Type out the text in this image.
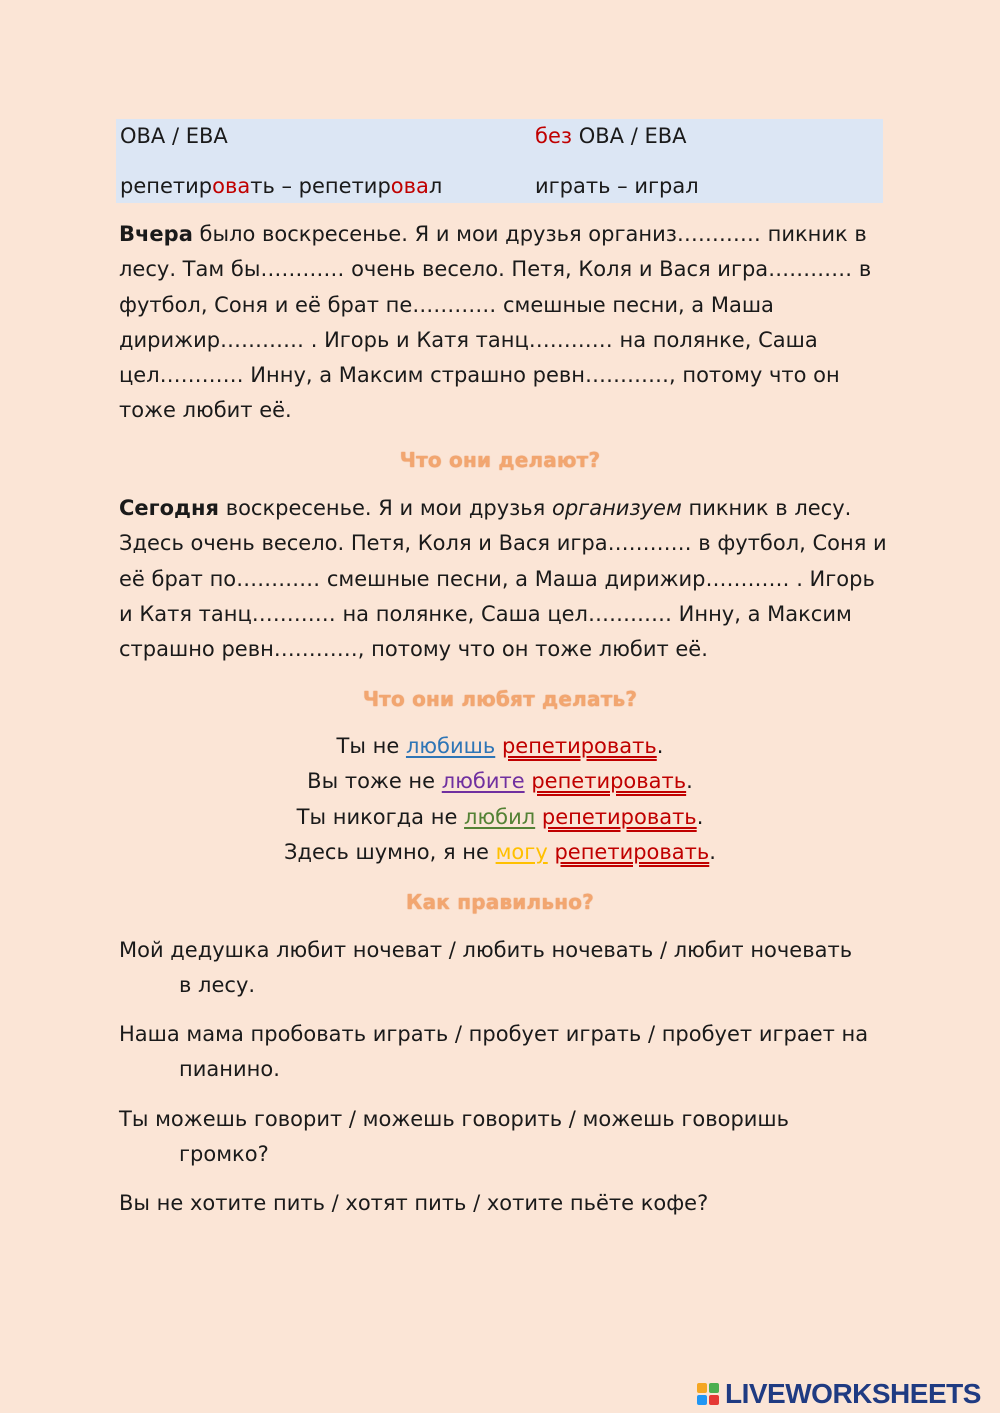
ОВА / ЕВА	без ОВА / ЕВА
репетировать – репетировал	играть – играл

Вчера было воскресенье. Я и мои друзья организ………… пикник в лесу. Там бы………… очень весело. Петя, Коля и Вася игра………… в футбол, Соня и её брат пе………… смешные песни, а Маша дирижир………… . Игорь и Катя танц………… на полянке, Саша цел………… Инну, а Максим страшно ревн…………, потому что он тоже любит её.

Что они делают?

Сегодня воскресенье. Я и мои друзья организуем пикник в лесу. Здесь очень весело. Петя, Коля и Вася игра………… в футбол, Соня и её брат по………… смешные песни, а Маша дирижир………… . Игорь и Катя танц………… на полянке, Саша цел………… Инну, а Максим страшно ревн…………, потому что он тоже любит её.

Что они любят делать?
Ты не любишь репетировать.
Вы тоже не любите репетировать.
Ты никогда не любил репетировать.
Здесь шумно, я не могу репетировать.
Как правильно?
Мой дедушка любит ночеват / любить ночевать / любит ночевать
в лесу.
Наша мама пробовать играть / пробует играть / пробует играет на
пианино.
Ты можешь говорит / можешь говорить / можешь говоришь
громко?
Вы не хотите пить / хотят пить / хотите пьёте кофе?
LIVEWORKSHEETS
